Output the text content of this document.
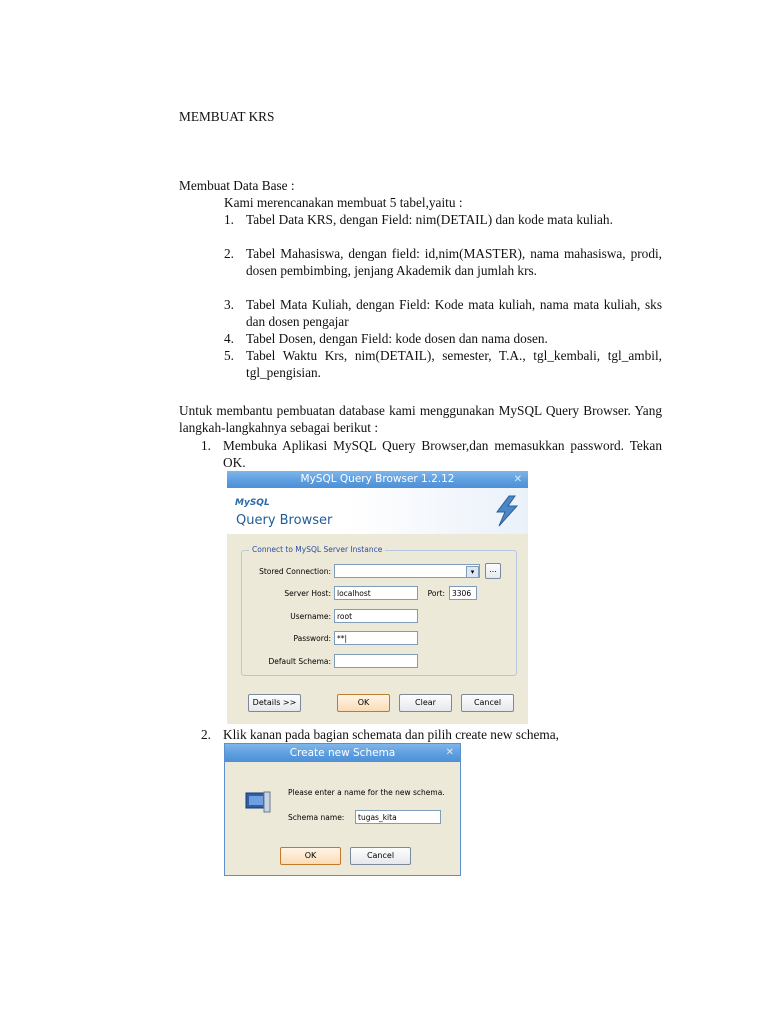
MEMBUAT KRS
Membuat Data Base :
Kami merencanakan membuat 5 tabel,yaitu :

1. Tabel Data KRS, dengan Field: nim(DETAIL) dan kode mata kuliah.

2. Tabel Mahasiswa, dengan field: id,nim(MASTER), nama mahasiswa, prodi, dosen pembimbing, jenjang Akademik dan jumlah krs.

3. Tabel Mata Kuliah, dengan Field: Kode mata kuliah, nama mata kuliah, sks dan dosen pengajar

4. Tabel Dosen, dengan Field: kode dosen dan nama dosen.

5. Tabel Waktu Krs, nim(DETAIL), semester, T.A., tgl_kembali, tgl_ambil, tgl_pengisian.

Untuk membantu pembuatan database kami menggunakan MySQL Query Browser. Yang langkah-langkahnya sebagai berikut :

1. Membuka Aplikasi MySQL Query Browser,dan memasukkan password. Tekan OK.

MySQL Query Browser 1.2.12	✕
MySQL
Query Browser
Connect to MySQL Server Instance
Stored Connection:	▾	...
Server Host: localhost	Port: 3306
Username: root
Password: **|
Default Schema:
Details >>	OK	Clear	Cancel

2. Klik kanan pada bagian schemata dan pilih create new schema,

Create new Schema	✕
Please enter a name for the new schema.
Schema name:	tugas_kita
OK	Cancel
